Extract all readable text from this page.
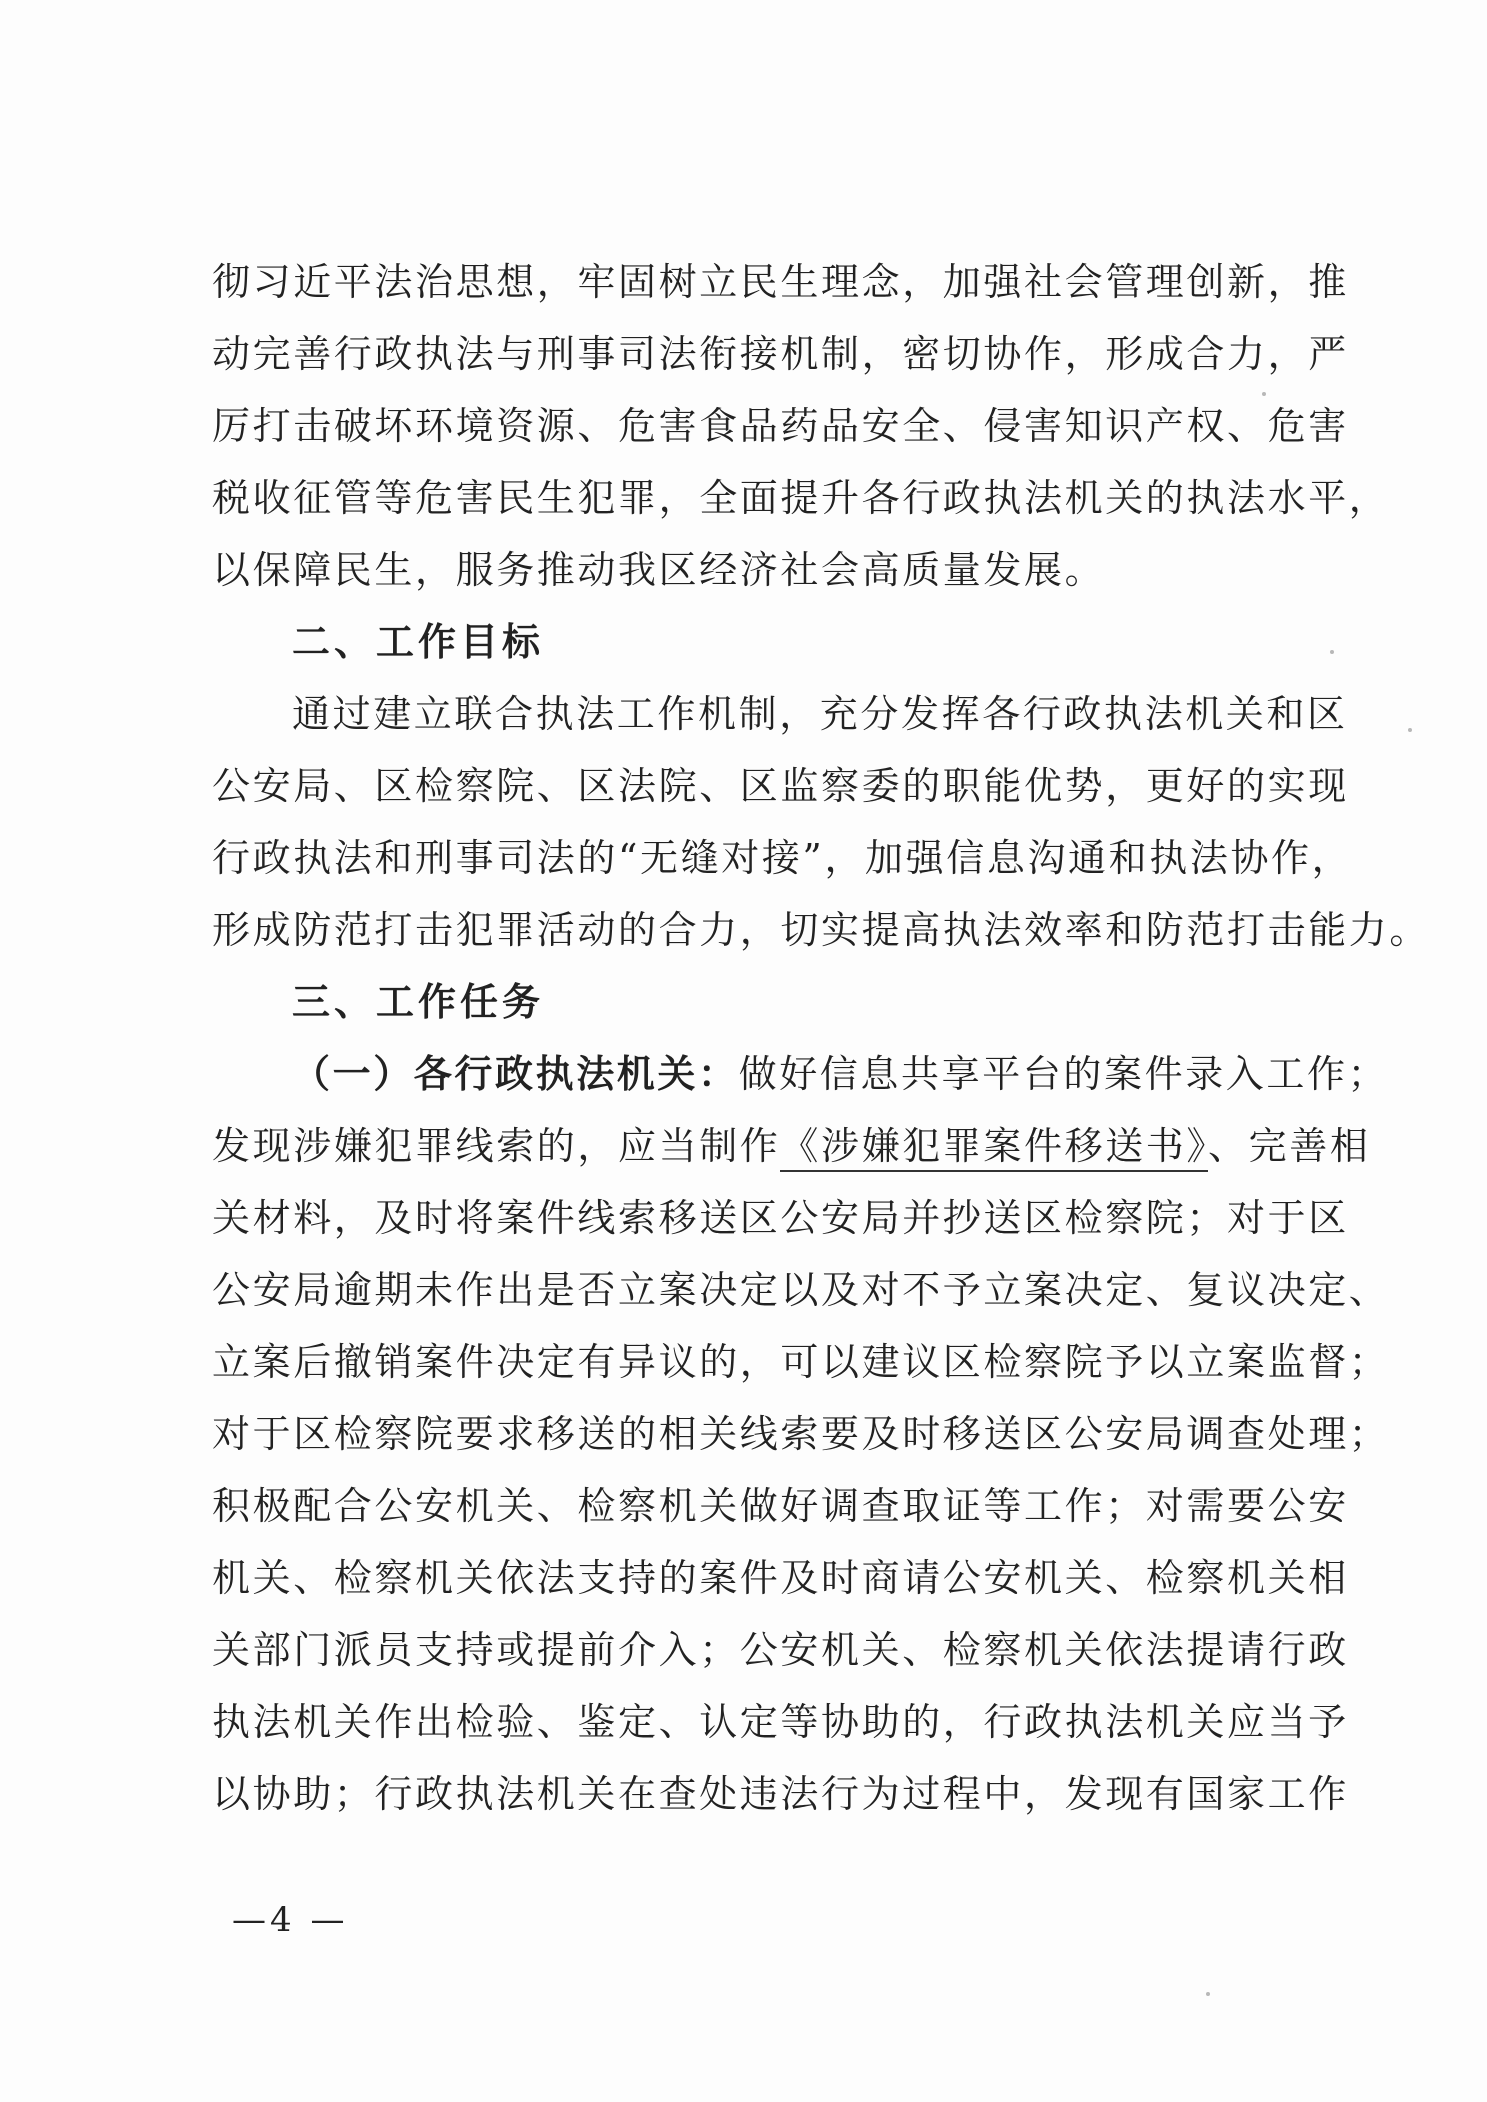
彻习近平法治思想，牢固树立民生理念，加强社会管理创新，推
动完善行政执法与刑事司法衔接机制，密切协作，形成合力，严
厉打击破坏环境资源、危害食品药品安全、侵害知识产权、危害
税收征管等危害民生犯罪，全面提升各行政执法机关的执法水平，
以保障民生，服务推动我区经济社会高质量发展。
二、工作目标
通过建立联合执法工作机制，充分发挥各行政执法机关和区
公安局、区检察院、区法院、区监察委的职能优势，更好的实现
行政执法和刑事司法的“无缝对接”，加强信息沟通和执法协作，
形成防范打击犯罪活动的合力，切实提高执法效率和防范打击能力。
三、工作任务
（一）各行政执法机关：做好信息共享平台的案件录入工作；
发现涉嫌犯罪线索的，应当制作《涉嫌犯罪案件移送书》、完善相
关材料，及时将案件线索移送区公安局并抄送区检察院；对于区
公安局逾期未作出是否立案决定以及对不予立案决定、复议决定、
立案后撤销案件决定有异议的，可以建议区检察院予以立案监督；
对于区检察院要求移送的相关线索要及时移送区公安局调查处理；
积极配合公安机关、检察机关做好调查取证等工作；对需要公安
机关、检察机关依法支持的案件及时商请公安机关、检察机关相
关部门派员支持或提前介入；公安机关、检察机关依法提请行政
执法机关作出检验、鉴定、认定等协助的，行政执法机关应当予
以协助；行政执法机关在查处违法行为过程中，发现有国家工作
—4 —
